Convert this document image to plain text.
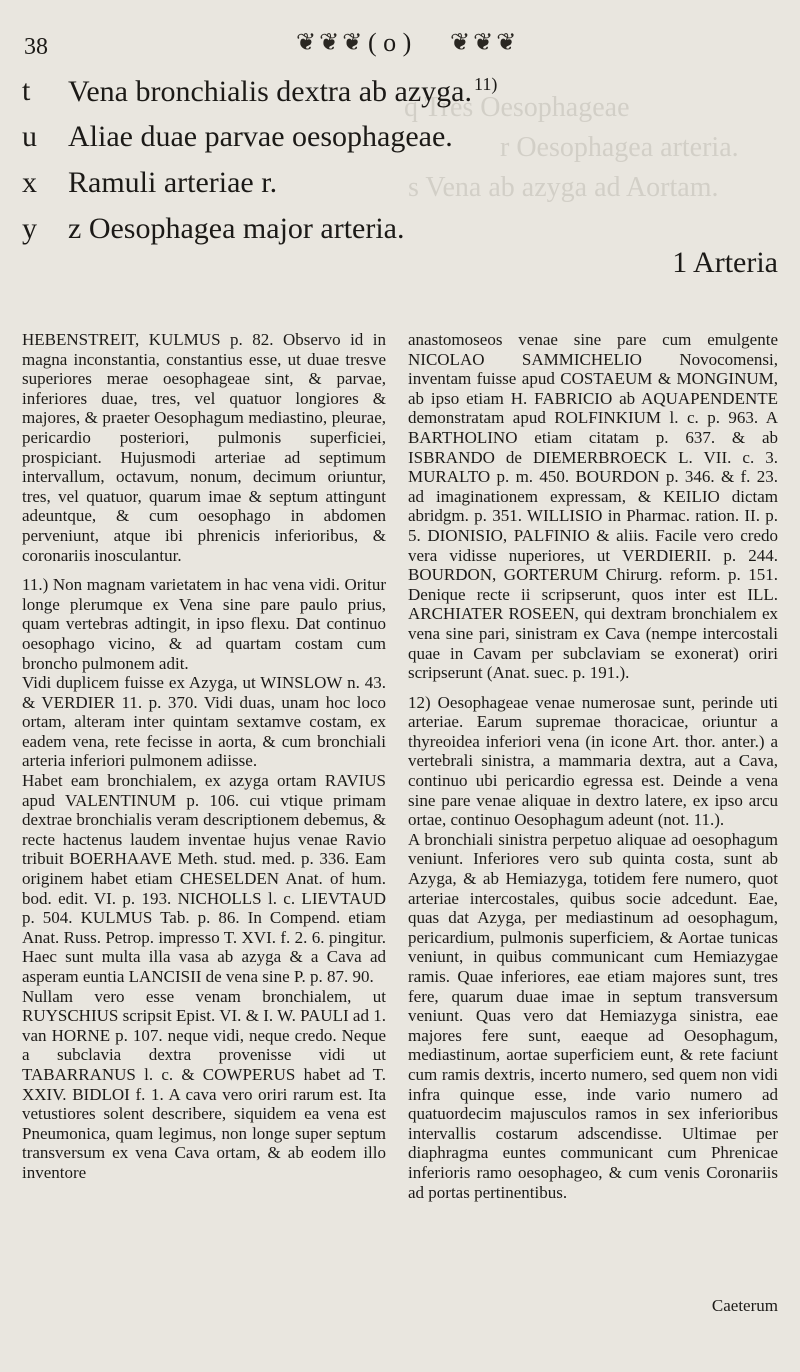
q Tres Oesophageae
r Oesophagea arteria.
s Vena ab azyga ad Aortam.
38	❦❦❦ ( o ) ❦❦❦
t	Vena bronchialis dextra ab azyga. $^{11)}$
u	Aliae duae parvae oesophageae.
x	Ramuli arteriae r.
y	z Oesophagea major arteria.
1 Arteria

HEBENSTREIT, KULMUS p. 82. Observo id in magna inconstantia, constantius esse, ut duae tresve superiores merae oesophageae sint, & parvae, inferiores duae, tres, vel quatuor longiores & majores, & praeter Oesophagum mediastino, pleurae, pericardio posteriori, pulmonis superficiei, prospiciant. Hujusmodi arteriae ad septimum intervallum, octavum, nonum, decimum oriuntur, tres, vel quatuor, quarum imae & septum attingunt adeuntque, & cum oesophago in abdomen perveniunt, atque ibi phrenicis inferioribus, & coronariis inosculantur.

11.) Non magnam varietatem in hac vena vidi. Oritur longe plerumque ex Vena sine pare paulo prius, quam vertebras adtingit, in ipso flexu. Dat continuo oesophago vicino, & ad quartam costam cum broncho pulmonem adit.

Vidi duplicem fuisse ex Azyga, ut WINSLOW n. 43. & VERDIER 11. p. 370. Vidi duas, unam hoc loco ortam, alteram inter quintam sextamve costam, ex eadem vena, rete fecisse in aorta, & cum bronchiali arteria inferiori pulmonem adiisse.

Habet eam bronchialem, ex azyga ortam RAVIUS apud VALENTINUM p. 106. cui vtique primam dextrae bronchialis veram descriptionem debemus, & recte hactenus laudem inventae hujus venae Ravio tribuit BOERHAAVE Meth. stud. med. p. 336. Eam originem habet etiam CHESELDEN Anat. of hum. bod. edit. VI. p. 193. NICHOLLS l. c. LIEVTAUD p. 504. KULMUS Tab. p. 86. In Compend. etiam Anat. Russ. Petrop. impresso T. XVI. f. 2. 6. pingitur. Haec sunt multa illa vasa ab azyga & a Cava ad asperam euntia LANCISII de vena sine P. p. 87. 90.

Nullam vero esse venam bronchialem, ut RUYSCHIUS scripsit Epist. VI. & I. W. PAULI ad 1. van HORNE p. 107. neque vidi, neque credo. Neque a subclavia dextra provenisse vidi ut TABARRANUS l. c. & COWPERUS habet ad T. XXIV. BIDLOI f. 1. A cava vero oriri rarum est. Ita vetustiores solent describere, siquidem ea vena est Pneumonica, quam legimus, non longe super septum transversum ex vena Cava ortam, & ab eodem illo inventore

anastomoseos venae sine pare cum emulgente NICOLAO SAMMICHELIO Novocomensi, inventam fuisse apud COSTAEUM & MONGINUM, ab ipso etiam H. FABRICIO ab AQUAPENDENTE demonstratam apud ROLFINKIUM l. c. p. 963. A BARTHOLINO etiam citatam p. 637. & ab ISBRANDO de DIEMERBROECK L. VII. c. 3. MURALTO p. m. 450. BOURDON p. 346. & f. 23. ad imaginationem expressam, & KEILIO dictam abridgm. p. 351. WILLISIO in Pharmac. ration. II. p. 5. DIONISIO, PALFINIO & aliis. Facile vero credo vera vidisse nuperiores, ut VERDIERII. p. 244. BOURDON, GORTERUM Chirurg. reform. p. 151. Denique recte ii scripserunt, quos inter est ILL. ARCHIATER ROSEEN, qui dextram bronchialem ex vena sine pari, sinistram ex Cava (nempe intercostali quae in Cavam per subclaviam se exonerat) oriri scripserunt (Anat. suec. p. 191.).

12) Oesophageae venae numerosae sunt, perinde uti arteriae. Earum supremae thoracicae, oriuntur a thyreoidea inferiori vena (in icone Art. thor. anter.) a vertebrali sinistra, a mammaria dextra, aut a Cava, continuo ubi pericardio egressa est. Deinde a vena sine pare venae aliquae in dextro latere, ex ipso arcu ortae, continuo Oesophagum adeunt (not. 11.).

A bronchiali sinistra perpetuo aliquae ad oesophagum veniunt. Inferiores vero sub quinta costa, sunt ab Azyga, & ab Hemiazyga, totidem fere numero, quot arteriae intercostales, quibus socie adcedunt. Eae, quas dat Azyga, per mediastinum ad oesophagum, pericardium, pulmonis superficiem, & Aortae tunicas veniunt, in quibus communicant cum Hemiazygae ramis. Quae inferiores, eae etiam majores sunt, tres fere, quarum duae imae in septum transversum veniunt. Quas vero dat Hemiazyga sinistra, eae majores fere sunt, eaeque ad Oesophagum, mediastinum, aortae superficiem eunt, & rete faciunt cum ramis dextris, incerto numero, sed quem non vidi infra quinque esse, inde vario numero ad quatuordecim majusculos ramos in sex inferioribus intervallis costarum adscendisse. Ultimae per diaphragma euntes communicant cum Phrenicae inferioris ramo oesophageo, & cum venis Coronariis ad portas pertinentibus.

Caeterum
